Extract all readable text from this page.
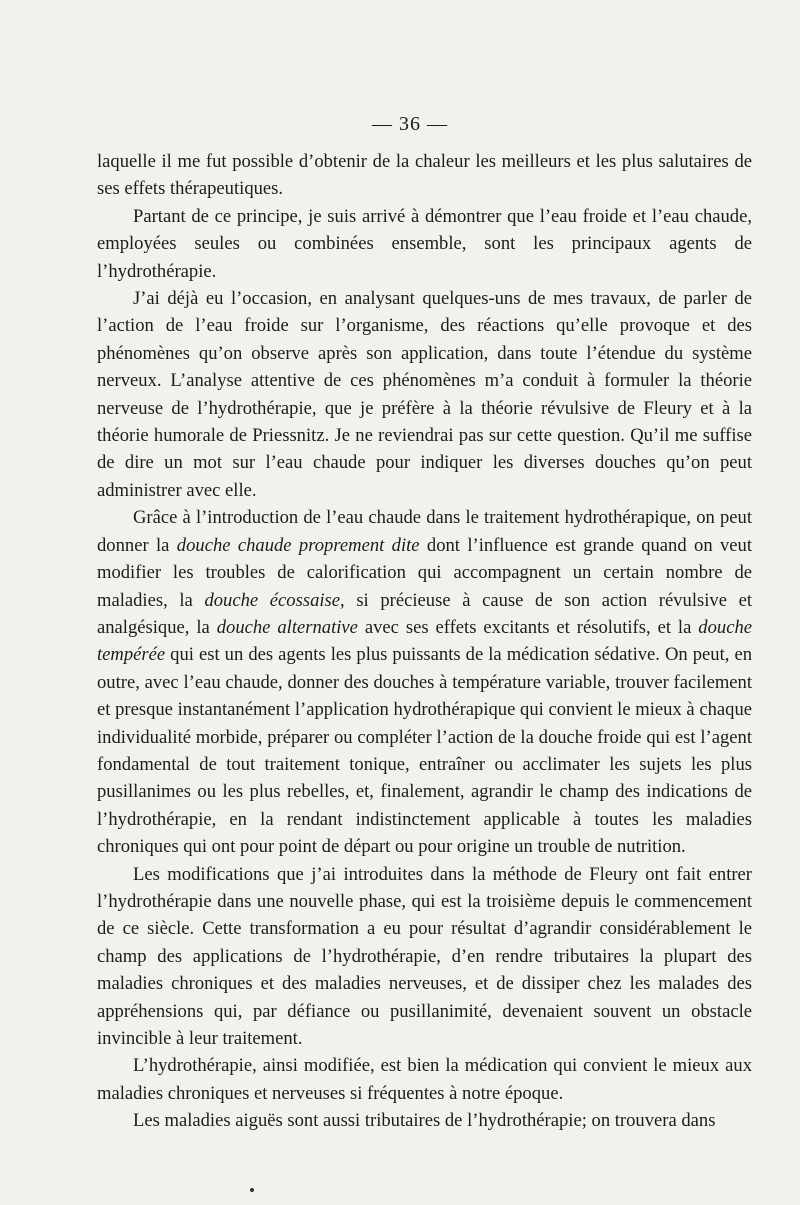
— 36 —

laquelle il me fut possible d’obtenir de la chaleur les meilleurs et les plus salutaires de ses effets thérapeutiques.

Partant de ce principe, je suis arrivé à démontrer que l’eau froide et l’eau chaude, employées seules ou combinées ensemble, sont les principaux agents de l’hydrothérapie.

J’ai déjà eu l’occasion, en analysant quelques-uns de mes travaux, de parler de l’action de l’eau froide sur l’organisme, des réactions qu’elle provoque et des phénomènes qu’on observe après son application, dans toute l’étendue du système nerveux. L’analyse attentive de ces phénomènes m’a conduit à formuler la théorie nerveuse de l’hydrothérapie, que je préfère à la théorie révulsive de Fleury et à la théorie humorale de Priessnitz. Je ne reviendrai pas sur cette question. Qu’il me suffise de dire un mot sur l’eau chaude pour indiquer les diverses douches qu’on peut administrer avec elle.

Grâce à l’introduction de l’eau chaude dans le traitement hydrothérapique, on peut donner la douche chaude proprement dite dont l’influence est grande quand on veut modifier les troubles de calorification qui accompagnent un certain nombre de maladies, la douche écossaise, si précieuse à cause de son action révulsive et analgésique, la douche alternative avec ses effets excitants et résolutifs, et la douche tempérée qui est un des agents les plus puissants de la médication sédative. On peut, en outre, avec l’eau chaude, donner des douches à température variable, trouver facilement et presque instantanément l’application hydrothérapique qui convient le mieux à chaque individualité morbide, préparer ou compléter l’action de la douche froide qui est l’agent fondamental de tout traitement tonique, entraîner ou acclimater les sujets les plus pusillanimes ou les plus rebelles, et, finalement, agrandir le champ des indications de l’hydrothérapie, en la rendant indistinctement applicable à toutes les maladies chroniques qui ont pour point de départ ou pour origine un trouble de nutrition.

Les modifications que j’ai introduites dans la méthode de Fleury ont fait entrer l’hydrothérapie dans une nouvelle phase, qui est la troisième depuis le commencement de ce siècle. Cette transformation a eu pour résultat d’agrandir considérablement le champ des applications de l’hydrothérapie, d’en rendre tributaires la plupart des maladies chroniques et des maladies nerveuses, et de dissiper chez les malades des appréhensions qui, par défiance ou pusillanimité, devenaient souvent un obstacle invincible à leur traitement.

L’hydrothérapie, ainsi modifiée, est bien la médication qui convient le mieux aux maladies chroniques et nerveuses si fréquentes à notre époque.

Les maladies aiguës sont aussi tributaires de l’hydrothérapie; on trouvera dans
